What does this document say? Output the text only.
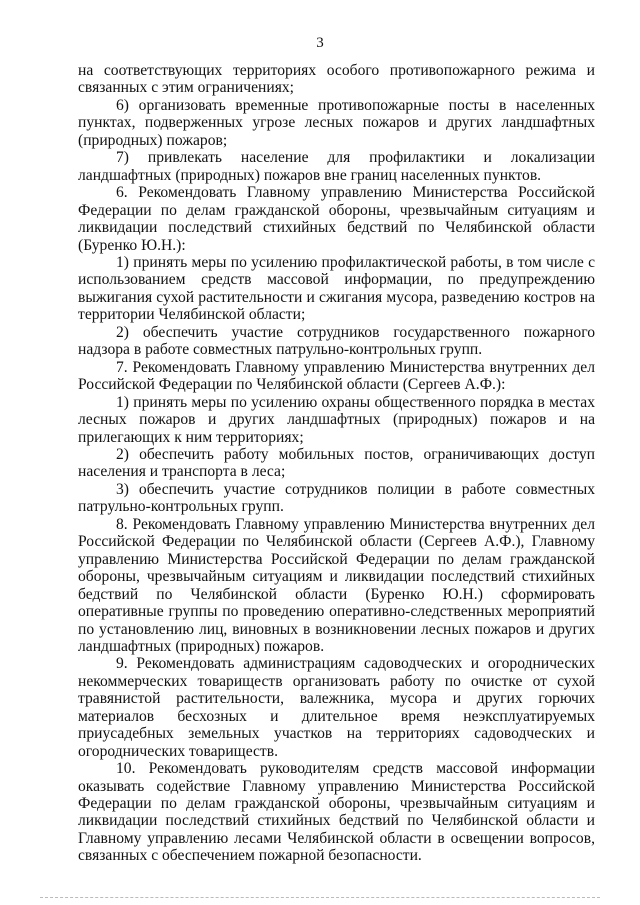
3

на соответствующих территориях особого противопожарного режима и связанных с этим ограничениях;

6) организовать временные противопожарные посты в населенных пунктах, подверженных угрозе лесных пожаров и других ландшафтных (природных) пожаров;

7) привлекать население для профилактики и локализации ландшафтных (природных) пожаров вне границ населенных пунктов.

6. Рекомендовать Главному управлению Министерства Российской Федерации по делам гражданской обороны, чрезвычайным ситуациям и ликвидации последствий стихийных бедствий по Челябинской области (Буренко Ю.Н.):

1) принять меры по усилению профилактической работы, в том числе с использованием средств массовой информации, по предупреждению выжигания сухой растительности и сжигания мусора, разведению костров на территории Челябинской области;

2) обеспечить участие сотрудников государственного пожарного надзора в работе совместных патрульно-контрольных групп.

7. Рекомендовать Главному управлению Министерства внутренних дел Российской Федерации по Челябинской области (Сергеев А.Ф.):

1) принять меры по усилению охраны общественного порядка в местах лесных пожаров и других ландшафтных (природных) пожаров и на прилегающих к ним территориях;

2) обеспечить работу мобильных постов, ограничивающих доступ населения и транспорта в леса;

3) обеспечить участие сотрудников полиции в работе совместных патрульно-контрольных групп.

8. Рекомендовать Главному управлению Министерства внутренних дел Российской Федерации по Челябинской области (Сергеев А.Ф.), Главному управлению Министерства Российской Федерации по делам гражданской обороны, чрезвычайным ситуациям и ликвидации последствий стихийных бедствий по Челябинской области (Буренко Ю.Н.) сформировать оперативные группы по проведению оперативно-следственных мероприятий по установлению лиц, виновных в возникновении лесных пожаров и других ландшафтных (природных) пожаров.

9. Рекомендовать администрациям садоводческих и огороднических некоммерческих товариществ организовать работу по очистке от сухой травянистой растительности, валежника, мусора и других горючих материалов бесхозных и длительное время неэксплуатируемых приусадебных земельных участков на территориях садоводческих и огороднических товариществ.

10. Рекомендовать руководителям средств массовой информации оказывать содействие Главному управлению Министерства Российской Федерации по делам гражданской обороны, чрезвычайным ситуациям и ликвидации последствий стихийных бедствий по Челябинской области и Главному управлению лесами Челябинской области в освещении вопросов, связанных с обеспечением пожарной безопасности.
